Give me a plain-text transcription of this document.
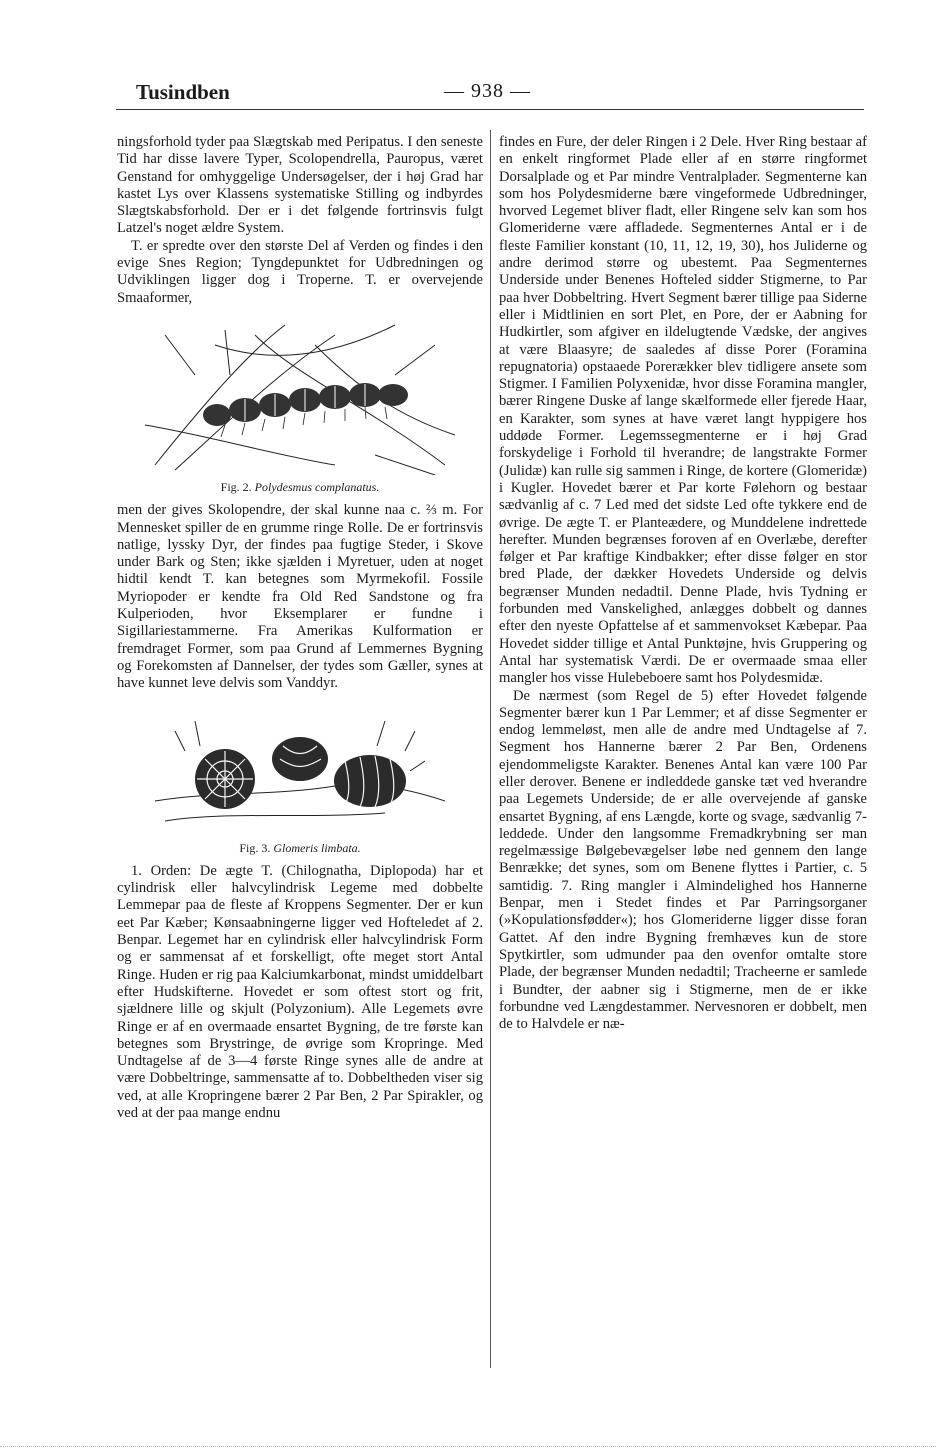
Tusindben	— 938 —

ningsforhold tyder paa Slægtskab med Peripatus. I den seneste Tid har disse lavere Typer, Scolopendrella, Pauropus, været Genstand for omhyggelige Undersøgelser, der i høj Grad har kastet Lys over Klassens systematiske Stilling og indbyrdes Slægtskabsforhold. Der er i det følgende fortrinsvis fulgt Latzel's noget ældre System.

T. er spredte over den største Del af Verden og findes i den evige Snes Region; Tyngdepunktet for Udbredningen og Udviklingen ligger dog i Troperne. T. er overvejende Smaaformer,

Fig. 2. Polydesmus complanatus.

men der gives Skolopendre, der skal kunne naa c. ⅔ m. For Mennesket spiller de en grumme ringe Rolle. De er fortrinsvis natlige, lyssky Dyr, der findes paa fugtige Steder, i Skove under Bark og Sten; ikke sjælden i Myretuer, uden at noget hidtil kendt T. kan betegnes som Myrmekofil. Fossile Myriopoder er kendte fra Old Red Sandstone og fra Kulperioden, hvor Eksemplarer er fundne i Sigillariestammerne. Fra Amerikas Kulformation er fremdraget Former, som paa Grund af Lemmernes Bygning og Forekomsten af Dannelser, der tydes som Gæller, synes at have kunnet leve delvis som Vanddyr.

Fig. 3. Glomeris limbata.

1. Orden: De ægte T. (Chilognatha, Diplopoda) har et cylindrisk eller halvcylindrisk Legeme med dobbelte Lemmepar paa de fleste af Kroppens Segmenter. Der er kun eet Par Kæber; Kønsaabningerne ligger ved Hofteledet af 2. Benpar. Legemet har en cylindrisk eller halvcylindrisk Form og er sammensat af et forskelligt, ofte meget stort Antal Ringe. Huden er rig paa Kalciumkarbonat, mindst umiddelbart efter Hudskifterne. Hovedet er som oftest stort og frit, sjældnere lille og skjult (Polyzonium). Alle Legemets øvre Ringe er af en overmaade ensartet Bygning, de tre første kan betegnes som Brystringe, de øvrige som Kropringe. Med Undtagelse af de 3—4 første Ringe synes alle de andre at være Dobbeltringe, sammensatte af to. Dobbeltheden viser sig ved, at alle Kropringene bærer 2 Par Ben, 2 Par Spirakler, og ved at der paa mange endnu

findes en Fure, der deler Ringen i 2 Dele. Hver Ring bestaar af en enkelt ringformet Plade eller af en større ringformet Dorsalplade og et Par mindre Ventralplader. Segmenterne kan som hos Polydesmiderne bære vingeformede Udbredninger, hvorved Legemet bliver fladt, eller Ringene selv kan som hos Glomeriderne være affladede. Segmenternes Antal er i de fleste Familier konstant (10, 11, 12, 19, 30), hos Juliderne og andre derimod større og ubestemt. Paa Segmenternes Underside under Benenes Hofteled sidder Stigmerne, to Par paa hver Dobbeltring. Hvert Segment bærer tillige paa Siderne eller i Midtlinien en sort Plet, en Pore, der er Aabning for Hudkirtler, som afgiver en ildelugtende Vædske, der angives at være Blaasyre; de saaledes af disse Porer (Foramina repugnatoria) opstaaede Porerækker blev tidligere ansete som Stigmer. I Familien Polyxenidæ, hvor disse Foramina mangler, bærer Ringene Duske af lange skælformede eller fjerede Haar, en Karakter, som synes at have været langt hyppigere hos uddøde Former. Legemssegmenterne er i høj Grad forskydelige i Forhold til hverandre; de langstrakte Former (Julidæ) kan rulle sig sammen i Ringe, de kortere (Glomeridæ) i Kugler. Hovedet bærer et Par korte Følehorn og bestaar sædvanlig af c. 7 Led med det sidste Led ofte tykkere end de øvrige. De ægte T. er Planteædere, og Munddelene indrettede herefter. Munden begrænses foroven af en Overlæbe, derefter følger et Par kraftige Kindbakker; efter disse følger en stor bred Plade, der dækker Hovedets Underside og delvis begrænser Munden nedadtil. Denne Plade, hvis Tydning er forbunden med Vanskelighed, anlægges dobbelt og dannes efter den nyeste Opfattelse af et sammenvokset Kæbepar. Paa Hovedet sidder tillige et Antal Punktøjne, hvis Gruppering og Antal har systematisk Værdi. De er overmaade smaa eller mangler hos visse Hulebeboere samt hos Polydesmidæ.

De nærmest (som Regel de 5) efter Hovedet følgende Segmenter bærer kun 1 Par Lemmer; et af disse Segmenter er endog lemmeløst, men alle de andre med Undtagelse af 7. Segment hos Hannerne bærer 2 Par Ben, Ordenens ejendommeligste Karakter. Benenes Antal kan være 100 Par eller derover. Benene er indleddede ganske tæt ved hverandre paa Legemets Underside; de er alle overvejende af ganske ensartet Bygning, af ens Længde, korte og svage, sædvanlig 7-leddede. Under den langsomme Fremadkrybning ser man regelmæssige Bølgebevægelser løbe ned gennem den lange Benrække; det synes, som om Benene flyttes i Partier, c. 5 samtidig. 7. Ring mangler i Almindelighed hos Hannerne Benpar, men i Stedet findes et Par Parringsorganer (»Kopulationsfødder«); hos Glomeriderne ligger disse foran Gattet. Af den indre Bygning fremhæves kun de store Spytkirtler, som udmunder paa den ovenfor omtalte store Plade, der begrænser Munden nedadtil; Tracheerne er samlede i Bundter, der aabner sig i Stigmerne, men de er ikke forbundne ved Længdestammer. Nervesnoren er dobbelt, men de to Halvdele er næ-
